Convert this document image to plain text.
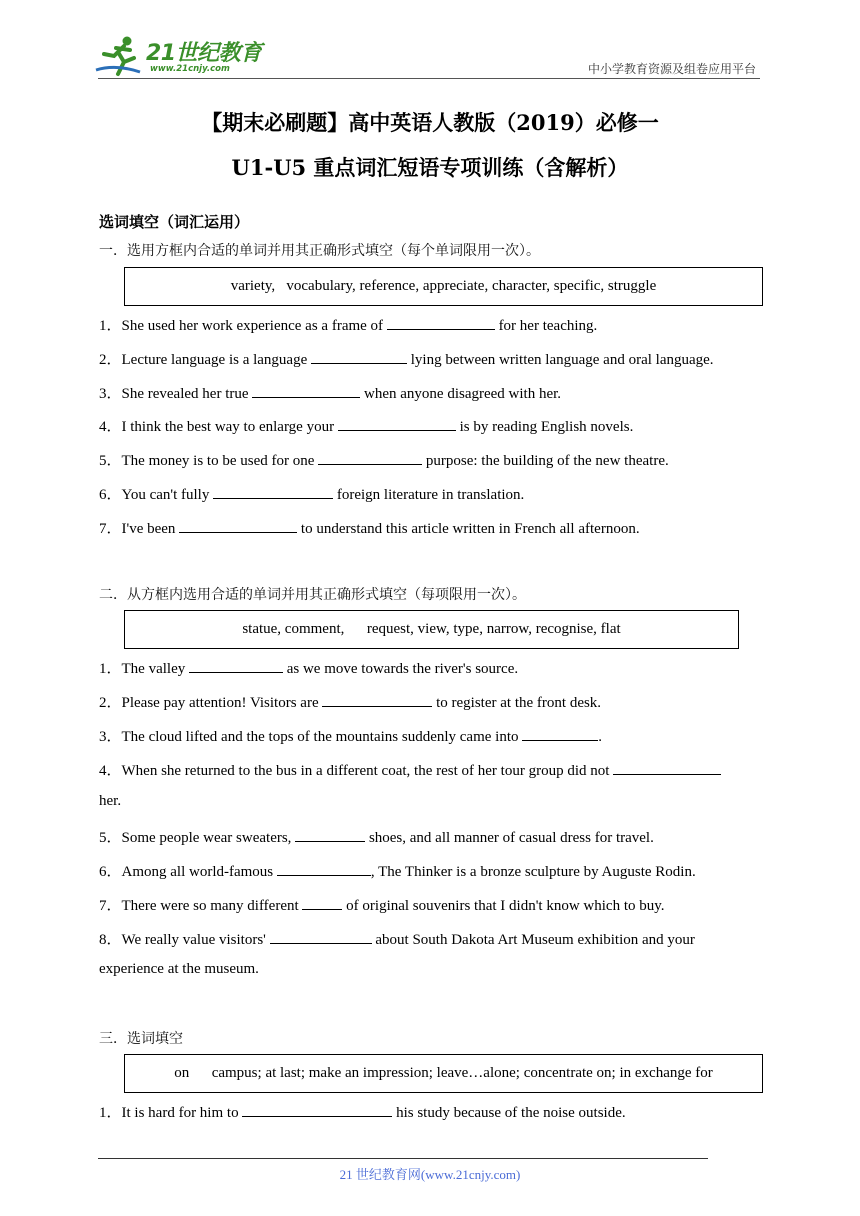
21世纪教育
www.21cnjy.com	中小学教育资源及组卷应用平台
【期末必刷题】高中英语人教版（2019）必修一
U1-U5 重点词汇短语专项训练（含解析）
选词填空（词汇运用）
一．选用方框内合适的单词并用其正确形式填空（每个单词限用一次）。
variety,   vocabulary, reference, appreciate, character, specific, struggle
1．She used her work experience as a frame of	for her teaching.
2．Lecture language is a language	lying between written language and oral language.
3．She revealed her true	when anyone disagreed with her.
4．I think the best way to enlarge your	is by reading English novels.
5．The money is to be used for one	purpose: the building of the new theatre.
6．You can't fully	foreign literature in translation.
7．I've been	to understand this article written in French all afternoon.
二．从方框内选用合适的单词并用其正确形式填空（每项限用一次）。
statue, comment,      request, view, type, narrow, recognise, flat
1．The valley	as we move towards the river's source.
2．Please pay attention! Visitors are	to register at the front desk.
3．The cloud lifted and the tops of the mountains suddenly came into	.
4．When she returned to the bus in a different coat, the rest of her tour group did not
her.
5．Some people wear sweaters,	shoes, and all manner of casual dress for travel.
6．Among all world-famous	, The Thinker is a bronze sculpture by Auguste Rodin.
7．There were so many different	of original souvenirs that I didn't know which to buy.
8．We really value visitors'	about South Dakota Art Museum exhibition and your
experience at the museum.
三．选词填空
on      campus; at last; make an impression; leave…alone; concentrate on; in exchange for
1．It is hard for him to	his study because of the noise outside.
21 世纪教育网(www.21cnjy.com)
